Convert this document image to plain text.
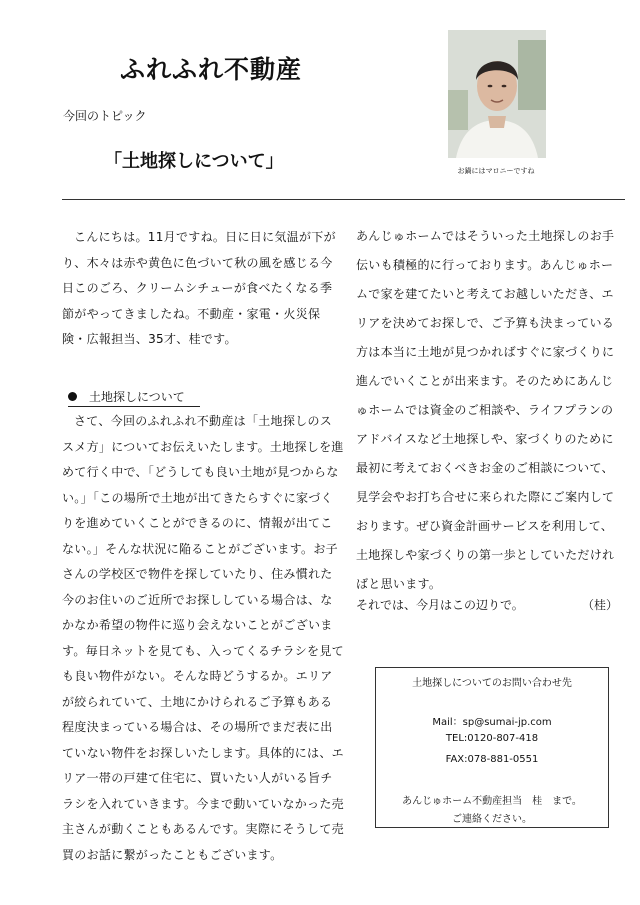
ふれふれ不動産
今回のトピック
「土地探しについて」	お鍋にはマロニーですね

こんにちは。11月ですね。日に日に気温が下がり、木々は赤や黄色に色づいて秋の風を感じる今日このごろ、クリームシチューが食べたくなる季節がやってきましたね。不動産・家電・火災保険・広報担当、35才、桂です。

土地探しについて

さて、今回のふれふれ不動産は「土地探しのススメ方」についてお伝えいたします。土地探しを進めて行く中で、「どうしても良い土地が見つからない。」「この場所で土地が出てきたらすぐに家づくりを進めていくことができるのに、情報が出てこない。」そんな状況に陥ることがございます。お子さんの学校区で物件を探していたり、住み慣れた今のお住いのご近所でお探ししている場合は、なかなか希望の物件に巡り会えないことがございます。毎日ネットを見ても、入ってくるチラシを見ても良い物件がない。そんな時どうするか。エリアが絞られていて、土地にかけられるご予算もある程度決まっている場合は、その場所でまだ表に出ていない物件をお探しいたします。具体的には、エリア一帯の戸建て住宅に、買いたい人がいる旨チラシを入れていきます。今まで動いていなかった売主さんが動くこともあるんです。実際にそうして売買のお話に繋がったこともございます。

あんじゅホームではそういった土地探しのお手伝いも積極的に行っております。あんじゅホームで家を建てたいと考えてお越しいただき、エリアを決めてお探しで、ご予算も決まっている方は本当に土地が見つかればすぐに家づくりに進んでいくことが出来ます。そのためにあんじゅホームでは資金のご相談や、ライフプランのアドバイスなど土地探しや、家づくりのために最初に考えておくべきお金のご相談について、見学会やお打ち合せに来られた際にご案内しております。ぜひ資金計画サービスを利用して、土地探しや家づくりの第一歩としていただければと思います。

それでは、今月はこの辺りで。	（桂）
土地探しについてのお問い合わせ先
Mail：sp@sumai-jp.com
TEL:0120-807-418
FAX:078-881-0551
あんじゅホーム不動産担当　桂　まで。
ご連絡ください。
